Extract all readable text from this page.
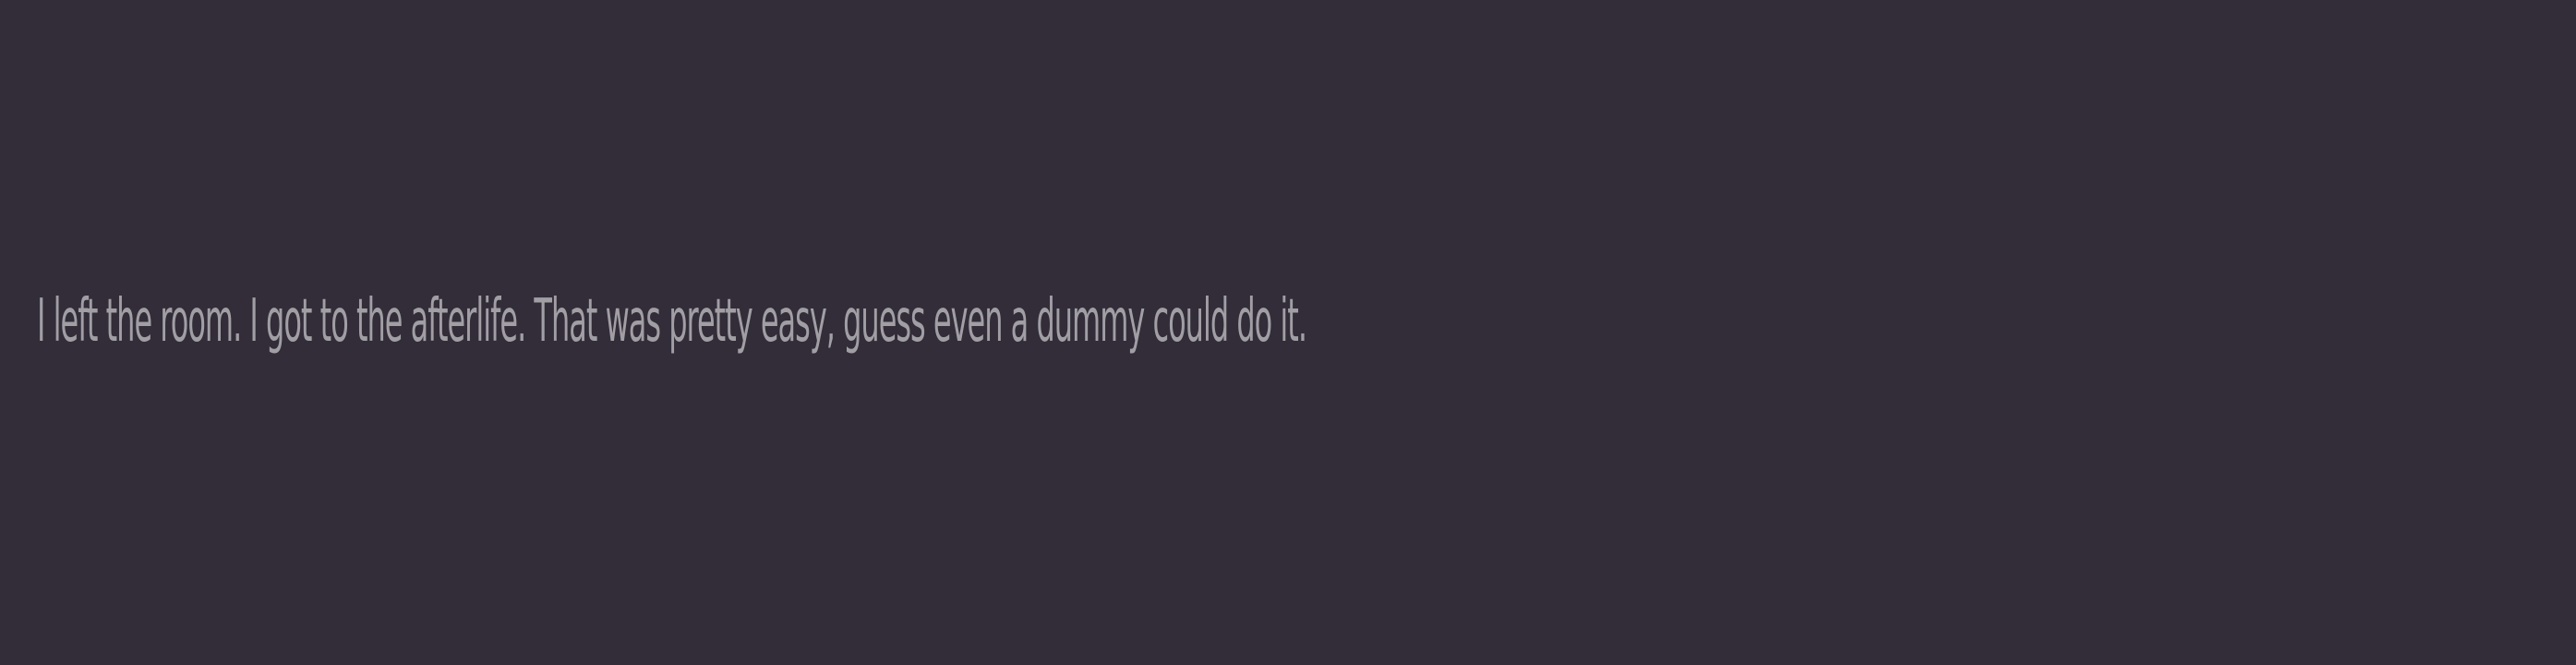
I left the room. I got to the afterlife. That was pretty easy, guess even a dummy could do it.
